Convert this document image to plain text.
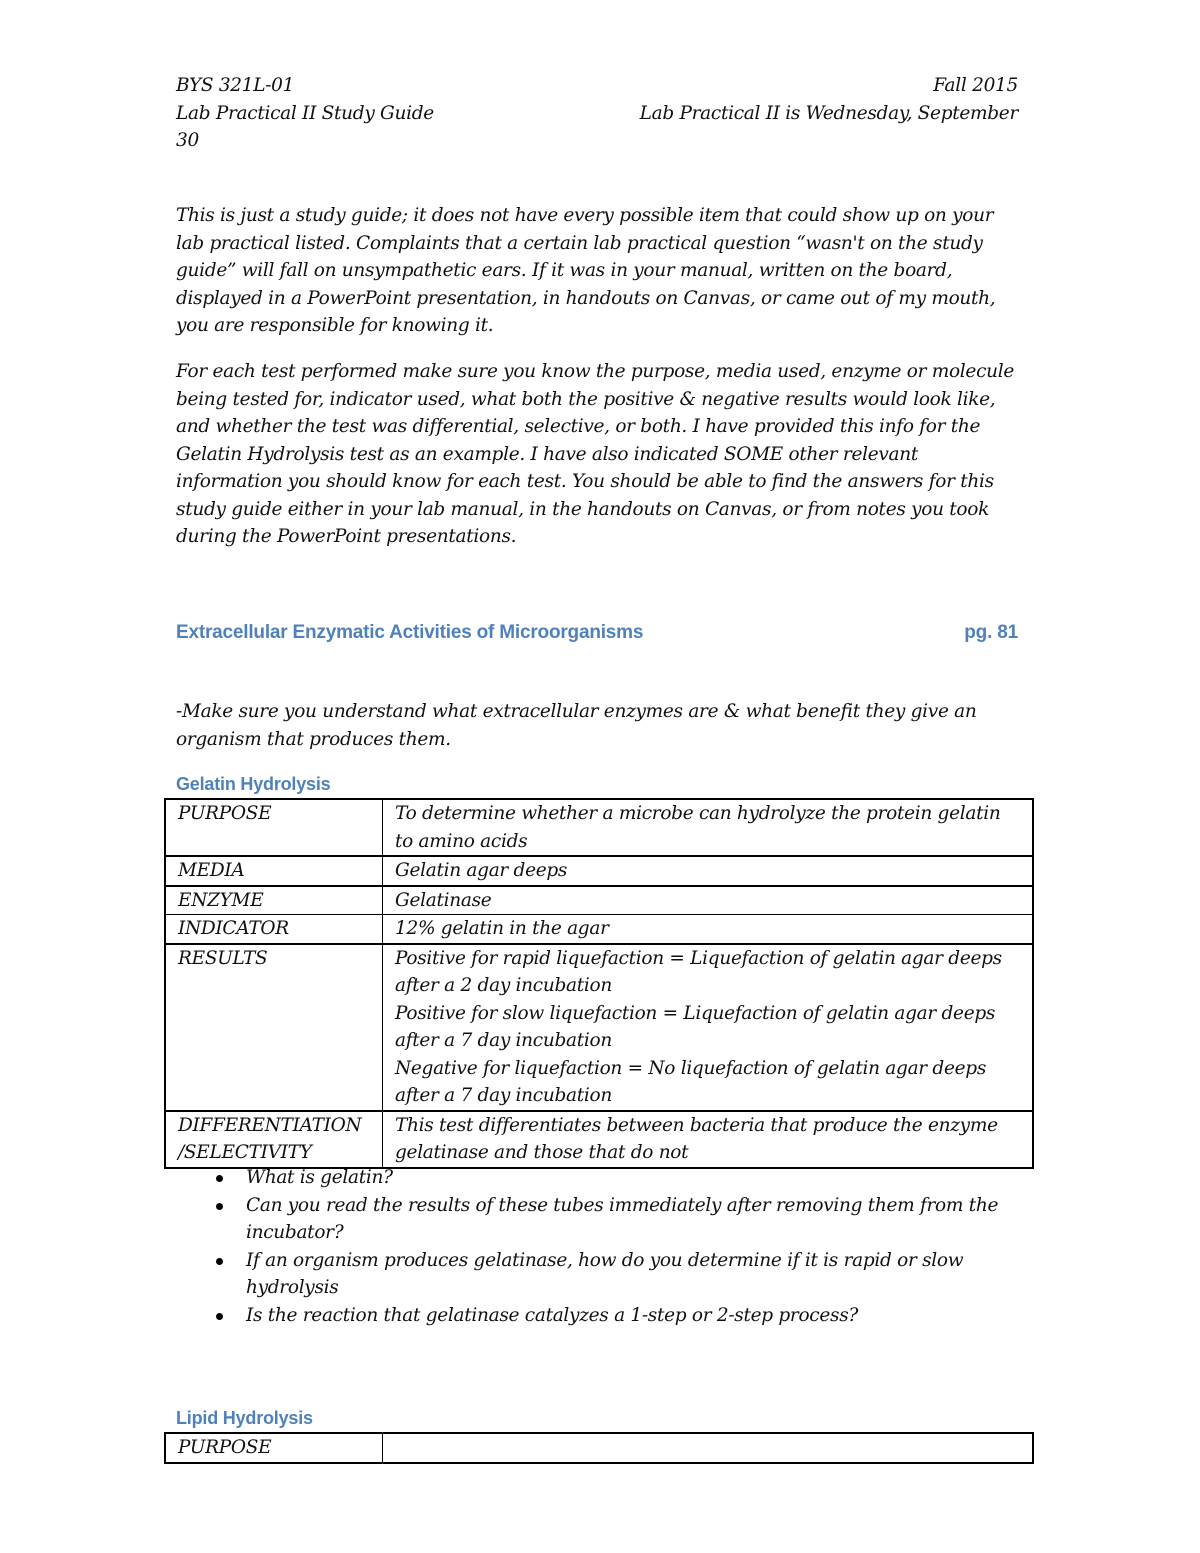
BYS 321L-01	Fall 2015
Lab Practical II Study Guide	Lab Practical II is Wednesday, September
30

This is just a study guide; it does not have every possible item that could show up on your lab practical listed. Complaints that a certain lab practical question “wasn't on the study guide” will fall on unsympathetic ears. If it was in your manual, written on the board, displayed in a PowerPoint presentation, in handouts on Canvas, or came out of my mouth, you are responsible for knowing it.

For each test performed make sure you know the purpose, media used, enzyme or molecule being tested for, indicator used, what both the positive & negative results would look like, and whether the test was differential, selective, or both. I have provided this info for the Gelatin Hydrolysis test as an example. I have also indicated SOME other relevant information you should know for each test. You should be able to find the answers for this study guide either in your lab manual, in the handouts on Canvas, or from notes you took during the PowerPoint presentations.

Extracellular Enzymatic Activities of Microorganisms	pg. 81

-Make sure you understand what extracellular enzymes are & what benefit they give an organism that produces them.

Gelatin Hydrolysis
PURPOSE	To determine whether a microbe can hydrolyze the protein gelatin to amino acids
MEDIA	Gelatin agar deeps
ENZYME	Gelatinase
INDICATOR	12% gelatin in the agar
RESULTS	Positive for rapid liquefaction = Liquefaction of gelatin agar deeps after a 2 day incubation
Positive for slow liquefaction = Liquefaction of gelatin agar deeps after a 7 day incubation
Negative for liquefaction = No liquefaction of gelatin agar deeps after a 7 day incubation

DIFFERENTIATION /SELECTIVITY	This test differentiates between bacteria that produce the enzyme gelatinase and those that do not
What is gelatin?
Can you read the results of these tubes immediately after removing them from the incubator?
If an organism produces gelatinase, how do you determine if it is rapid or slow hydrolysis
Is the reaction that gelatinase catalyzes a 1-step or 2-step process?
Lipid Hydrolysis
PURPOSE	
